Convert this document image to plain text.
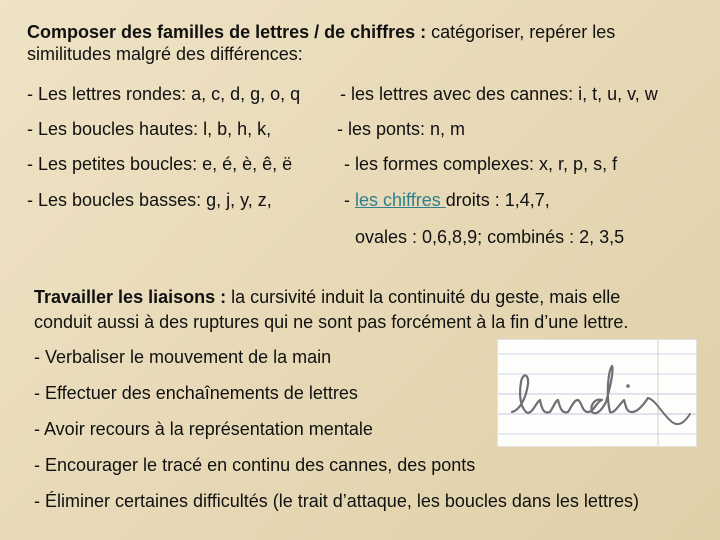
Composer des familles de lettres / de chiffres : catégoriser, repérer les
similitudes malgré des différences:
- Les lettres rondes: a, c, d, g, o, q
- Les boucles hautes: l, b, h, k,
- Les petites boucles: e, é, è, ê, ë
- Les boucles basses: g, j, y, z,
- les lettres avec des cannes: i, t, u, v, w
- les ponts: n, m
- les formes complexes: x, r, p, s, f
- les chiffres droits : 1,4,7,
ovales : 0,6,8,9; combinés : 2, 3,5
Travailler les liaisons : la cursivité induit la continuité du geste, mais elle
conduit aussi à des ruptures qui ne sont pas forcément à la fin d’une lettre.
- Verbaliser le mouvement de la main
- Effectuer des enchaînements de lettres
- Avoir recours à la représentation mentale
- Encourager le tracé en continu des cannes, des ponts
- Éliminer certaines difficultés (le trait d’attaque, les boucles dans les lettres)
